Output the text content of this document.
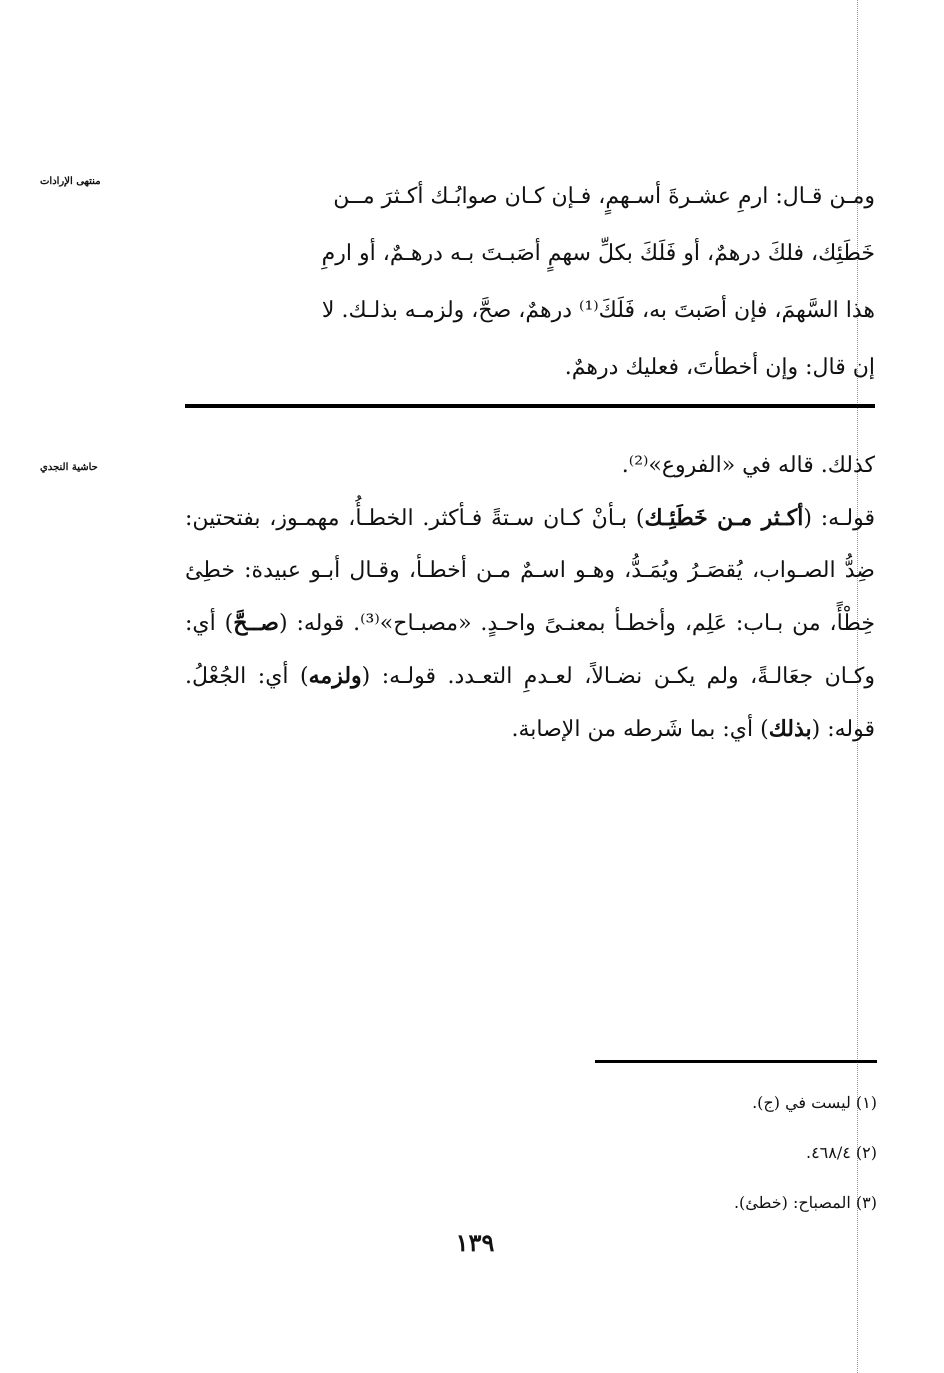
منتهى الإرادات

ومـن قـال: ارمِ عشـرةَ أسـهمٍ، فـإن كـان صوابُـك أكـثرَ مــن

خَطَئِك، فلكَ درهمٌ، أو فَلَكَ بكلِّ سهمٍ أصَبـتَ بـه درهـمٌ، أو ارمِ

هذا السَّهمَ، فإن أصَبتَ به، فَلَكَ⁽¹⁾ درهمٌ، صحَّ، ولزمـه بذلـك. لا

إن قال: وإن أخطأتَ، فعليك درهمٌ.

حاشية النجدي	كذلك. قاله في «الفروع»⁽²⁾.

قولـه: (أكـثر مـن خَطَئِـك) بـأنْ كـان سـتةً فـأكثر. الخطـأُ، مهمـوز، بفتحتين: ضِدُّ الصـواب، يُقصَـرُ ويُمَـدُّ، وهـو اسـمٌ مـن أخطـأ، وقـال أبـو عبيدة: خطِئ خِطْأً، من بـاب: عَلِم، وأخطـأ بمعنـىً واحـدٍ. «مصبـاح»⁽³⁾. قوله: (صــحَّ) أي: وكـان جعَالـةً، ولم يكـن نضـالاً، لعـدمِ التعـدد. قولـه: (ولزمه) أي: الجُعْلُ. قوله: (بذلك) أي: بما شَرطه من الإصابة.

(١) ليست في (ج).
(٢) ٤٦٨/٤.
(٣) المصباح: (خطئ).
١٣٩
